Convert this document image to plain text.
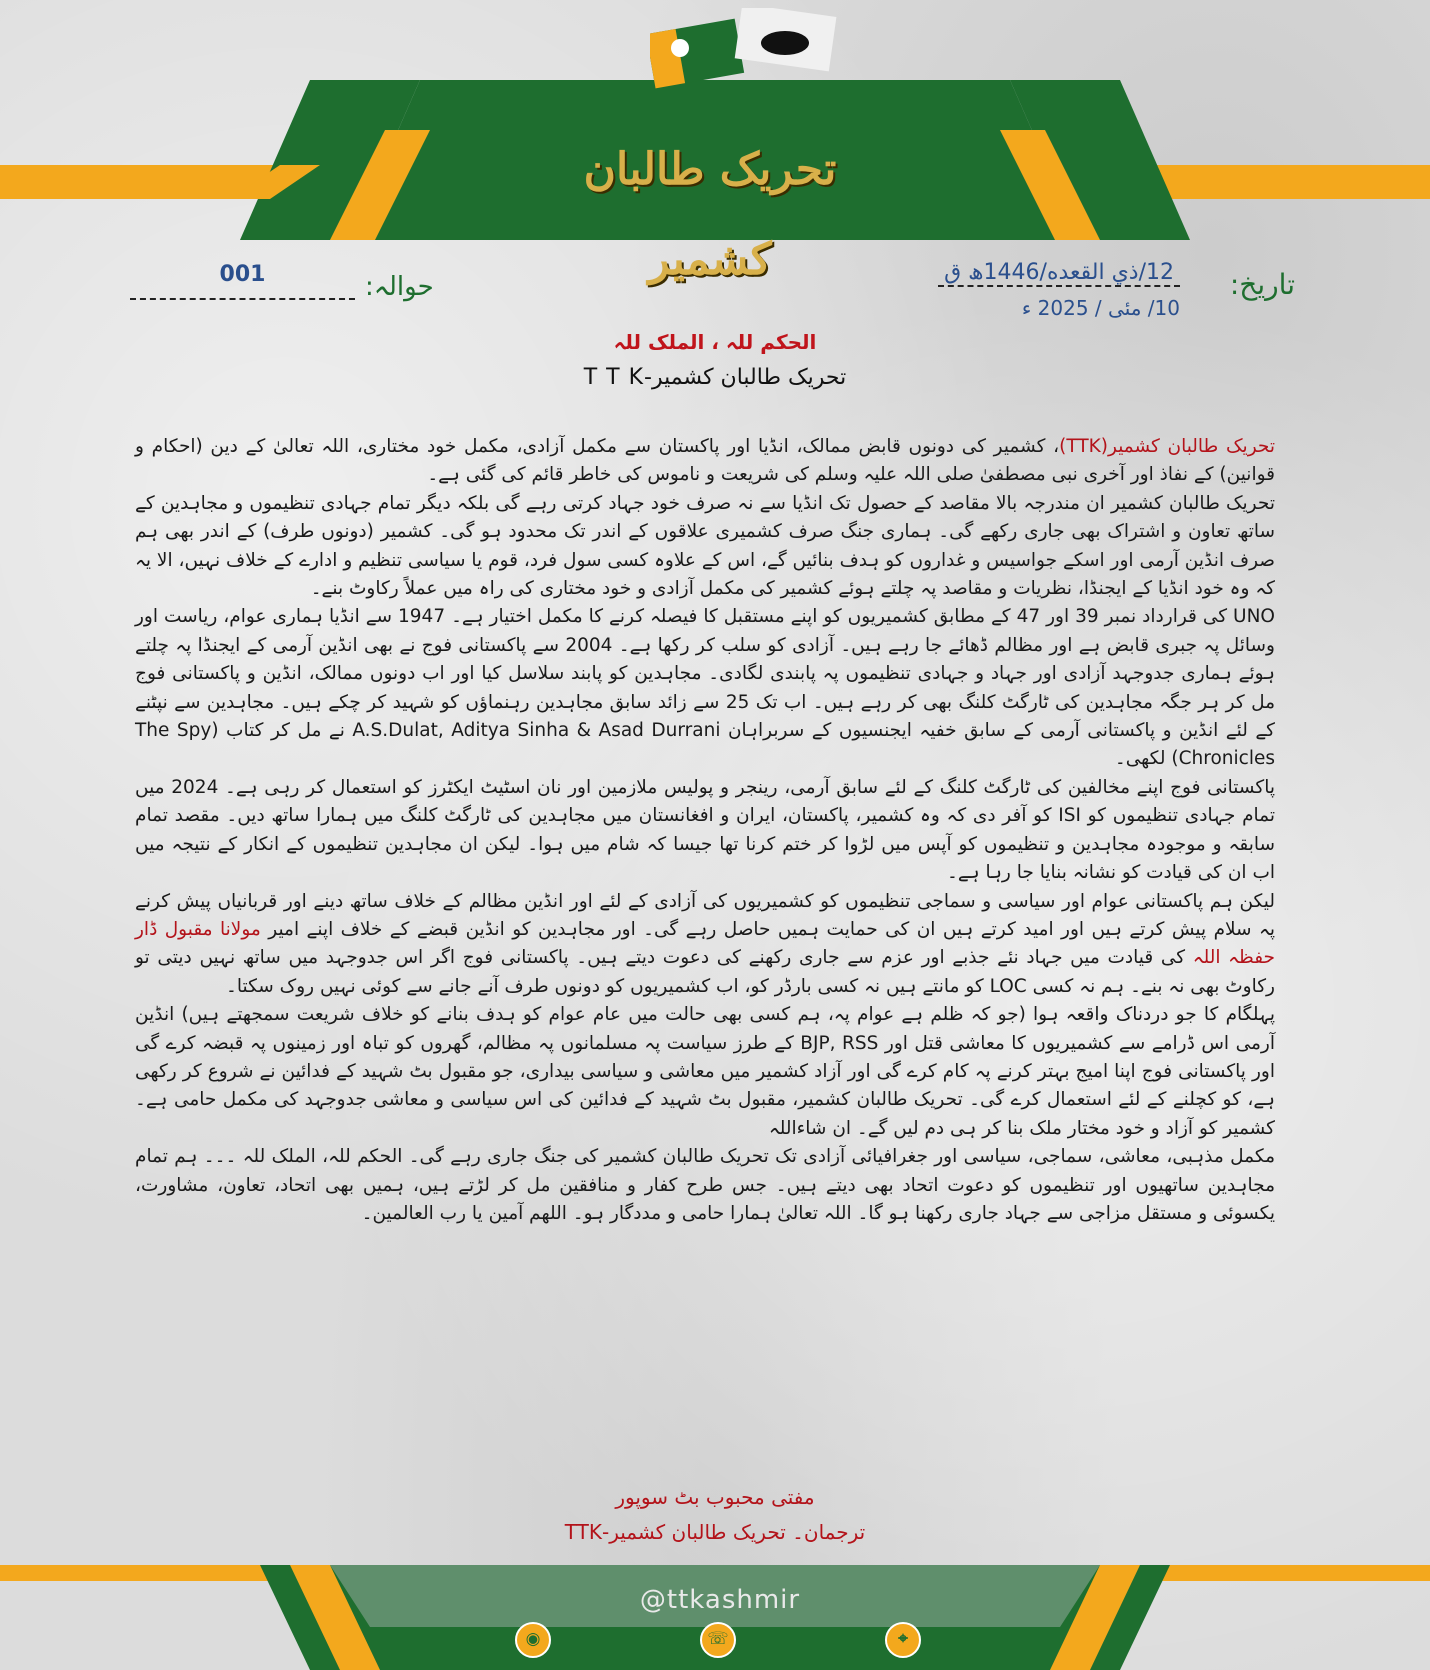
تحریک طالبان کشمیر	تاریخ:
12/ذي القعده/1446ھ ق
10/ مئی / 2025 ء
حوالہ:
001
الحکم للہ ، الملک للہ
تحریک طالبان کشمیر-T T K

تحریک طالبان کشمیر(TTK)، کشمیر کی دونوں قابض ممالک، انڈیا اور پاکستان سے مکمل آزادی، مکمل خود مختاری، اللہ تعالیٰ کے دین (احکام و قوانین) کے نفاذ اور آخری نبی مصطفیٰ صلی اللہ علیہ وسلم کی شریعت و ناموس کی خاطر قائم کی گئی ہے۔

تحریک طالبان کشمیر ان مندرجہ بالا مقاصد کے حصول تک انڈیا سے نہ صرف خود جہاد کرتی رہے گی بلکہ دیگر تمام جہادی تنظیموں و مجاہدین کے ساتھ تعاون و اشتراک بھی جاری رکھے گی۔ ہماری جنگ صرف کشمیری علاقوں کے اندر تک محدود ہو گی۔ کشمیر (دونوں طرف) کے اندر بھی ہم صرف انڈین آرمی اور اسکے جواسیس و غداروں کو ہدف بنائیں گے، اس کے علاوہ کسی سول فرد، قوم یا سیاسی تنظیم و ادارے کے خلاف نہیں، الا یہ کہ وہ خود انڈیا کے ایجنڈا، نظریات و مقاصد پہ چلتے ہوئے کشمیر کی مکمل آزادی و خود مختاری کی راہ میں عملاً رکاوٹ بنے۔

UNO کی قرارداد نمبر 39 اور 47 کے مطابق کشمیریوں کو اپنے مستقبل کا فیصلہ کرنے کا مکمل اختیار ہے۔ 1947 سے انڈیا ہماری عوام، ریاست اور وسائل پہ جبری قابض ہے اور مظالم ڈھائے جا رہے ہیں۔ آزادی کو سلب کر رکھا ہے۔ 2004 سے پاکستانی فوج نے بھی انڈین آرمی کے ایجنڈا پہ چلتے ہوئے ہماری جدوجہد آزادی اور جہاد و جہادی تنظیموں پہ پابندی لگادی۔ مجاہدین کو پابند سلاسل کیا اور اب دونوں ممالک، انڈین و پاکستانی فوج مل کر ہر جگہ مجاہدین کی ٹارگٹ کلنگ بھی کر رہے ہیں۔ اب تک 25 سے زائد سابق مجاہدین رہنماؤں کو شہید کر چکے ہیں۔ مجاہدین سے نپٹنے کے لئے انڈین و پاکستانی آرمی کے سابق خفیہ ایجنسیوں کے سربراہان A.S.Dulat, Aditya Sinha & Asad Durrani نے مل کر کتاب (The Spy Chronicles) لکھی۔

پاکستانی فوج اپنے مخالفین کی ٹارگٹ کلنگ کے لئے سابق آرمی، رینجر و پولیس ملازمین اور نان اسٹیٹ ایکٹرز کو استعمال کر رہی ہے۔ 2024 میں تمام جہادی تنظیموں کو ISI کو آفر دی کہ وہ کشمیر، پاکستان، ایران و افغانستان میں مجاہدین کی ٹارگٹ کلنگ میں ہمارا ساتھ دیں۔ مقصد تمام سابقہ و موجودہ مجاہدین و تنظیموں کو آپس میں لڑوا کر ختم کرنا تھا جیسا کہ شام میں ہوا۔ لیکن ان مجاہدین تنظیموں کے انکار کے نتیجہ میں اب ان کی قیادت کو نشانہ بنایا جا رہا ہے۔

لیکن ہم پاکستانی عوام اور سیاسی و سماجی تنظیموں کو کشمیریوں کی آزادی کے لئے اور انڈین مظالم کے خلاف ساتھ دینے اور قربانیاں پیش کرنے پہ سلام پیش کرتے ہیں اور امید کرتے ہیں ان کی حمایت ہمیں حاصل رہے گی۔ اور مجاہدین کو انڈین قبضے کے خلاف اپنے امیر مولانا مقبول ڈار حفظہ اللہ کی قیادت میں جہاد نئے جذبے اور عزم سے جاری رکھنے کی دعوت دیتے ہیں۔ پاکستانی فوج اگر اس جدوجہد میں ساتھ نہیں دیتی تو رکاوٹ بھی نہ بنے۔ ہم نہ کسی LOC کو مانتے ہیں نہ کسی بارڈر کو، اب کشمیریوں کو دونوں طرف آنے جانے سے کوئی نہیں روک سکتا۔

پہلگام کا جو دردناک واقعہ ہوا (جو کہ ظلم ہے عوام پہ، ہم کسی بھی حالت میں عام عوام کو ہدف بنانے کو خلاف شریعت سمجھتے ہیں) انڈین آرمی اس ڈرامے سے کشمیریوں کا معاشی قتل اور BJP, RSS کے طرز سیاست پہ مسلمانوں پہ مظالم، گھروں کو تباہ اور زمینوں پہ قبضہ کرے گی اور پاکستانی فوج اپنا امیج بہتر کرنے پہ کام کرے گی اور آزاد کشمیر میں معاشی و سیاسی بیداری، جو مقبول بٹ شہید کے فدائین نے شروع کر رکھی ہے، کو کچلنے کے لئے استعمال کرے گی۔ تحریک طالبان کشمیر، مقبول بٹ شہید کے فدائین کی اس سیاسی و معاشی جدوجہد کی مکمل حامی ہے۔ کشمیر کو آزاد و خود مختار ملک بنا کر ہی دم لیں گے۔ ان شاءاللہ

مکمل مذہبی، معاشی، سماجی، سیاسی اور جغرافیائی آزادی تک تحریک طالبان کشمیر کی جنگ جاری رہے گی۔ الحکم للہ، الملک للہ ۔۔۔ ہم تمام مجاہدین ساتھیوں اور تنظیموں کو دعوت اتحاد بھی دیتے ہیں۔ جس طرح کفار و منافقین مل کر لڑتے ہیں، ہمیں بھی اتحاد، تعاون، مشاورت، یکسوئی و مستقل مزاجی سے جہاد جاری رکھنا ہو گا۔ اللہ تعالیٰ ہمارا حامی و مددگار ہو۔ اللهم آمين يا رب العالمين۔

مفتی محبوب بٹ سوپور
ترجمان۔ تحریک طالبان کشمیر-TTK
@ttkashmir
◉	☏	⌖
